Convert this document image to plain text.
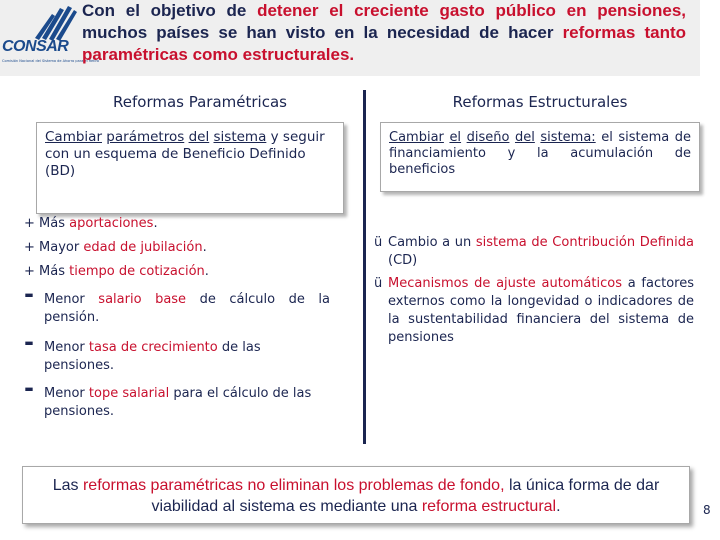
CONSAR
Comisión Nacional del Sistema de Ahorro para el Retiro
Con el objetivo de detener el creciente gasto público en pensiones, muchos países se han visto en la necesidad de hacer reformas tanto paramétricas como estructurales.
Reformas Paramétricas	Reformas Estructurales
Cambiar parámetros del sistema y seguir con un esquema de Beneficio Definido (BD)
Cambiar el diseño del sistema: el sistema de financiamiento y la acumulación de beneficios
+ Más aportaciones.
+ Mayor edad de jubilación.
+ Más tiempo de cotización.
- Menor salario base de cálculo de la pensión.
- Menor tasa de crecimiento de las pensiones.
- Menor tope salarial para el cálculo de las pensiones.
ü Cambio a un sistema de Contribución Definida (CD)
ü Mecanismos de ajuste automáticos a factores externos como la longevidad o indicadores de la sustentabilidad financiera del sistema de pensiones
Las reformas paramétricas no eliminan los problemas de fondo, la única forma de dar viabilidad al sistema es mediante una reforma estructural.	8
